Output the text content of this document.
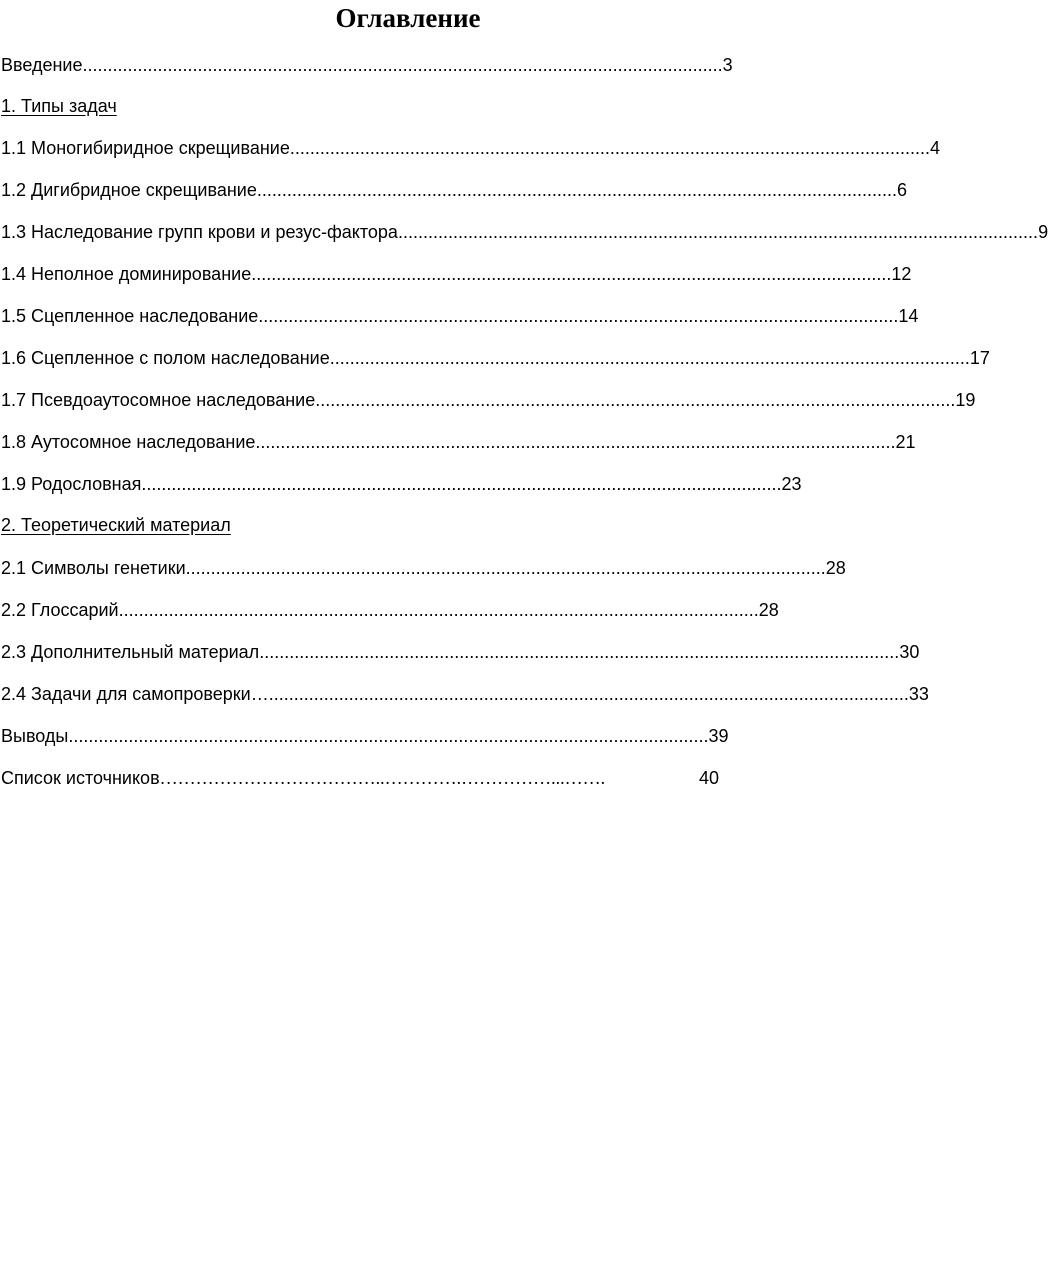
Оглавление
Введение ................................................................................................................................ 3
1. Типы задач
1.1 Моногибиридное скрещивание ................................................................................................................................ 4
1.2 Дигибридное скрещивание ................................................................................................................................ 6
1.3 Наследование групп крови и резус-фактора ................................................................................................................................ 9
1.4 Неполное доминирование ................................................................................................................................ 12
1.5 Сцепленное наследование ................................................................................................................................ 14
1.6 Сцепленное с полом наследование ................................................................................................................................ 17
1.7 Псевдоаутосомное наследование ................................................................................................................................ 19
1.8 Аутосомное наследование ................................................................................................................................ 21
1.9 Родословная ................................................................................................................................ 23
2. Теоретический материал
2.1 Символы генетики ................................................................................................................................ 28
2.2 Глоссарий ................................................................................................................................ 28
2.3 Дополнительный материал ................................................................................................................................ 30
2.4 Задачи для самопроверки… ................................................................................................................................ 33
Выводы ................................................................................................................................ 39
Список источников ………………………………..………….……………...…….	40
